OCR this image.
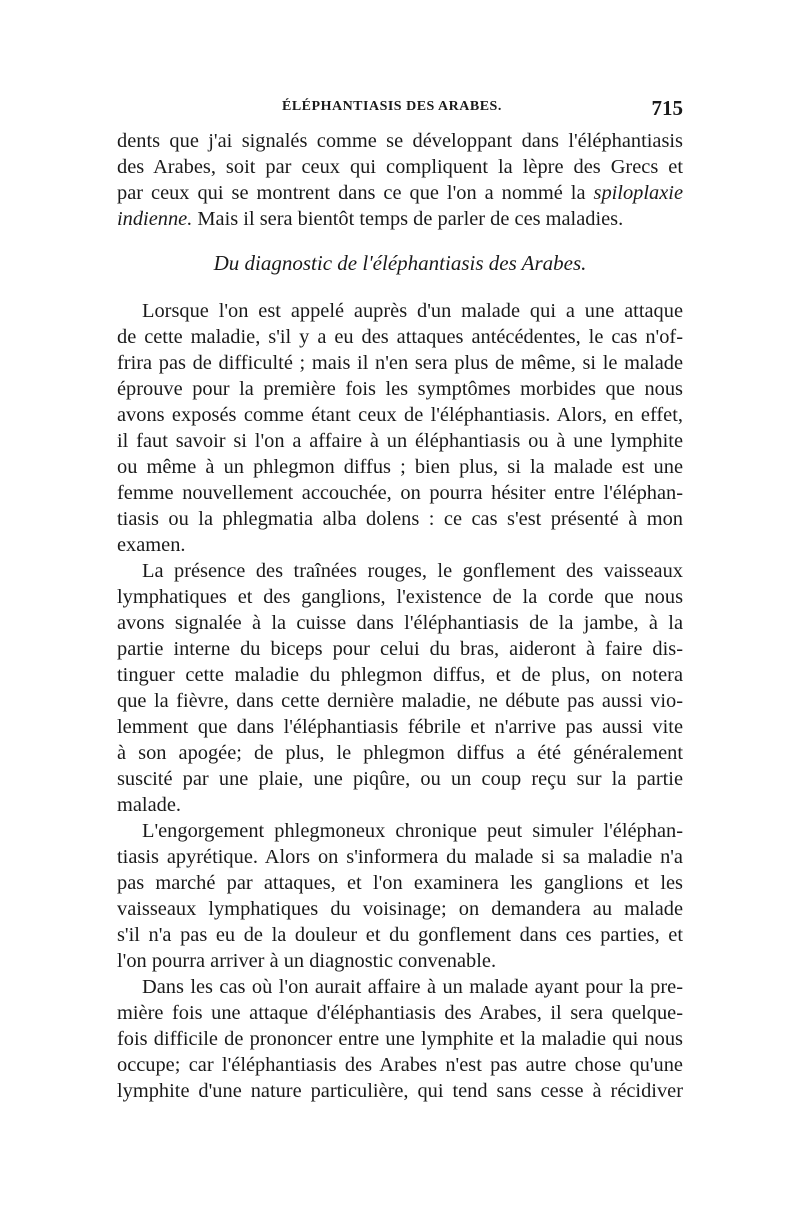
ÉLÉPHANTIASIS DES ARABES.	715
dents que j'ai signalés comme se développant dans l'éléphantiasis
des Arabes, soit par ceux qui compliquent la lèpre des Grecs et
par ceux qui se montrent dans ce que l'on a nommé la spiloplaxie
indienne. Mais il sera bientôt temps de parler de ces maladies.
Du diagnostic de l'éléphantiasis des Arabes.
Lorsque l'on est appelé auprès d'un malade qui a une attaque
de cette maladie, s'il y a eu des attaques antécédentes, le cas n'of-
frira pas de difficulté ; mais il n'en sera plus de même, si le malade
éprouve pour la première fois les symptômes morbides que nous
avons exposés comme étant ceux de l'éléphantiasis. Alors, en effet,
il faut savoir si l'on a affaire à un éléphantiasis ou à une lymphite
ou même à un phlegmon diffus ; bien plus, si la malade est une
femme nouvellement accouchée, on pourra hésiter entre l'éléphan-
tiasis ou la phlegmatia alba dolens : ce cas s'est présenté à mon
examen.
La présence des traînées rouges, le gonflement des vaisseaux
lymphatiques et des ganglions, l'existence de la corde que nous
avons signalée à la cuisse dans l'éléphantiasis de la jambe, à la
partie interne du biceps pour celui du bras, aideront à faire dis-
tinguer cette maladie du phlegmon diffus, et de plus, on notera
que la fièvre, dans cette dernière maladie, ne débute pas aussi vio-
lemment que dans l'éléphantiasis fébrile et n'arrive pas aussi vite
à son apogée; de plus, le phlegmon diffus a été généralement
suscité par une plaie, une piqûre, ou un coup reçu sur la partie
malade.
L'engorgement phlegmoneux chronique peut simuler l'éléphan-
tiasis apyrétique. Alors on s'informera du malade si sa maladie n'a
pas marché par attaques, et l'on examinera les ganglions et les
vaisseaux lymphatiques du voisinage; on demandera au malade
s'il n'a pas eu de la douleur et du gonflement dans ces parties, et
l'on pourra arriver à un diagnostic convenable.
Dans les cas où l'on aurait affaire à un malade ayant pour la pre-
mière fois une attaque d'éléphantiasis des Arabes, il sera quelque-
fois difficile de prononcer entre une lymphite et la maladie qui nous
occupe; car l'éléphantiasis des Arabes n'est pas autre chose qu'une
lymphite d'une nature particulière, qui tend sans cesse à récidiver
